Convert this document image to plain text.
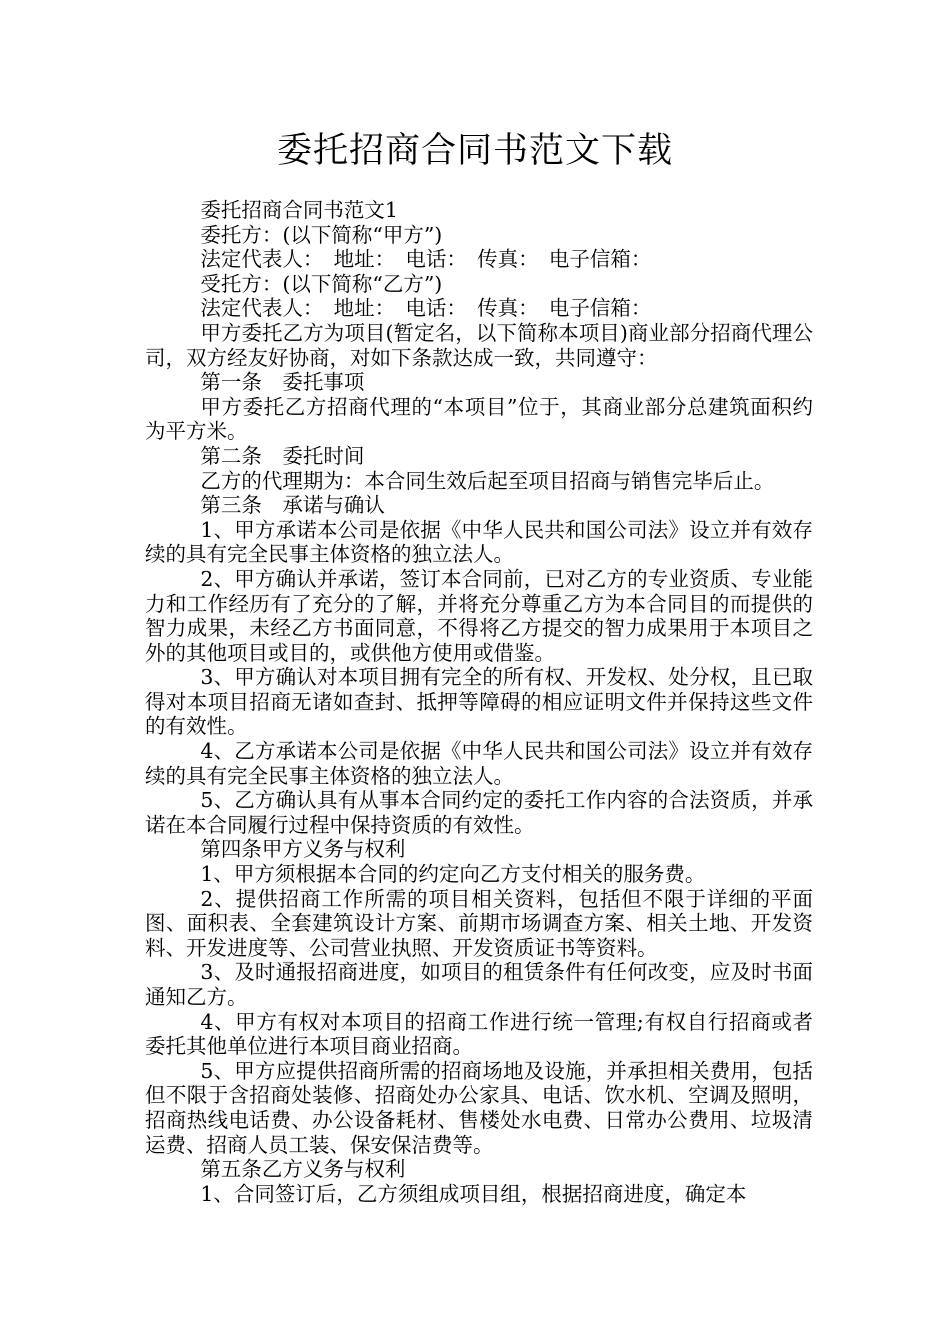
委托招商合同书范文下载

委托招商合同书范文1

委托方：(以下简称“甲方”)

法定代表人：　地址：　电话：　传真：　电子信箱：

受托方：(以下简称“乙方”)

法定代表人：　地址：　电话：　传真：　电子信箱：

甲方委托乙方为项目(暂定名，以下简称本项目)商业部分招商代理公司，双方经友好协商，对如下条款达成一致，共同遵守：

第一条　委托事项

甲方委托乙方招商代理的“本项目”位于，其商业部分总建筑面积约为平方米。

第二条　委托时间

乙方的代理期为：本合同生效后起至项目招商与销售完毕后止。

第三条　承诺与确认

1、甲方承诺本公司是依据《中华人民共和国公司法》设立并有效存续的具有完全民事主体资格的独立法人。

2、甲方确认并承诺，签订本合同前，已对乙方的专业资质、专业能力和工作经历有了充分的了解，并将充分尊重乙方为本合同目的而提供的智力成果，未经乙方书面同意，不得将乙方提交的智力成果用于本项目之外的其他项目或目的，或供他方使用或借鉴。

3、甲方确认对本项目拥有完全的所有权、开发权、处分权，且已取得对本项目招商无诸如查封、抵押等障碍的相应证明文件并保持这些文件的有效性。

4、乙方承诺本公司是依据《中华人民共和国公司法》设立并有效存续的具有完全民事主体资格的独立法人。

5、乙方确认具有从事本合同约定的委托工作内容的合法资质，并承诺在本合同履行过程中保持资质的有效性。

第四条甲方义务与权利

1、甲方须根据本合同的约定向乙方支付相关的服务费。

2、提供招商工作所需的项目相关资料，包括但不限于详细的平面图、面积表、全套建筑设计方案、前期市场调查方案、相关土地、开发资料、开发进度等、公司营业执照、开发资质证书等资料。

3、及时通报招商进度，如项目的租赁条件有任何改变，应及时书面通知乙方。

4、甲方有权对本项目的招商工作进行统一管理;有权自行招商或者委托其他单位进行本项目商业招商。

5、甲方应提供招商所需的招商场地及设施，并承担相关费用，包括但不限于含招商处装修、招商处办公家具、电话、饮水机、空调及照明，招商热线电话费、办公设备耗材、售楼处水电费、日常办公费用、垃圾清运费、招商人员工装、保安保洁费等。

第五条乙方义务与权利

1、合同签订后，乙方须组成项目组，根据招商进度，确定本
